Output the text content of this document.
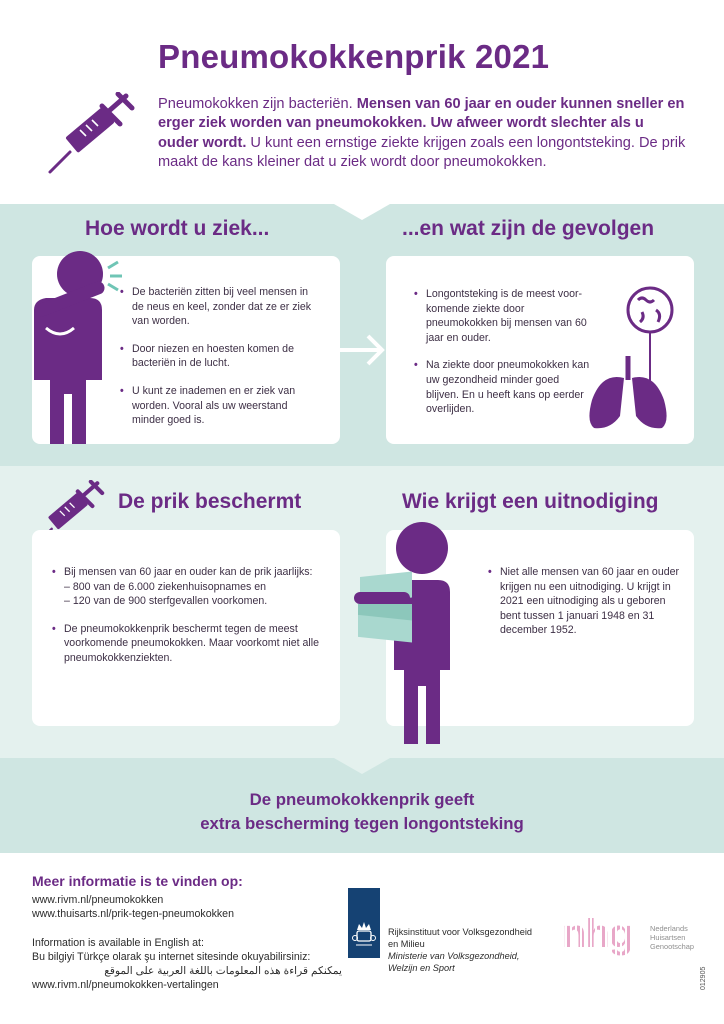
Pneumokokkenprik 2021
Pneumokokken zijn bacteriën. Mensen van 60 jaar en ouder kunnen sneller en erger ziek worden van pneumokokken. Uw afweer wordt slechter als u ouder wordt. U kunt een ernstige ziekte krijgen zoals een longontsteking. De prik maakt de kans kleiner dat u ziek wordt door pneumokokken.
Hoe wordt u ziek...
• De bacteriën zitten bij veel mensen in de neus en keel, zonder dat ze er ziek van worden.
• Door niezen en hoesten komen de bacteriën in de lucht.
• U kunt ze inademen en er ziek van worden. Vooral als uw weerstand minder goed is.
...en wat zijn de gevolgen
• Longontsteking is de meest voor-komende ziekte door pneumokokken bij mensen van 60 jaar en ouder.
• Na ziekte door pneumokokken kan uw gezondheid minder goed blijven. En u heeft kans op eerder overlijden.
De prik beschermt
• Bij mensen van 60 jaar en ouder kan de prik jaarlijks:
– 800 van de 6.000 ziekenhuisopnames en
– 120 van de 900 sterfgevallen voorkomen.
• De pneumokokkenprik beschermt tegen de meest voorkomende pneumokokken. Maar voorkomt niet alle pneumokokkenziekten.
Wie krijgt een uitnodiging
• Niet alle mensen van 60 jaar en ouder krijgen nu een uitnodiging. U krijgt in 2021 een uitnodiging als u geboren bent tussen 1 januari 1948 en 31 december 1952.
De pneumokokkenprik geeft
extra bescherming tegen longontsteking
Meer informatie is te vinden op:
www.rivm.nl/pneumokokken
www.thuisarts.nl/prik-tegen-pneumokokken
Information is available in English at:
Bu bilgiyi Türkçe olarak şu internet sitesinde okuyabilirsiniz:
يمكنكم قراءة هذه المعلومات باللغة العربية على الموقع
www.rivm.nl/pneumokokken-vertalingen
Rijksinstituut voor Volksgezondheid
en Milieu
Ministerie van Volksgezondheid,
Welzijn en Sport
nhg Nederlands
Huisartsen
Genootschap
012905
